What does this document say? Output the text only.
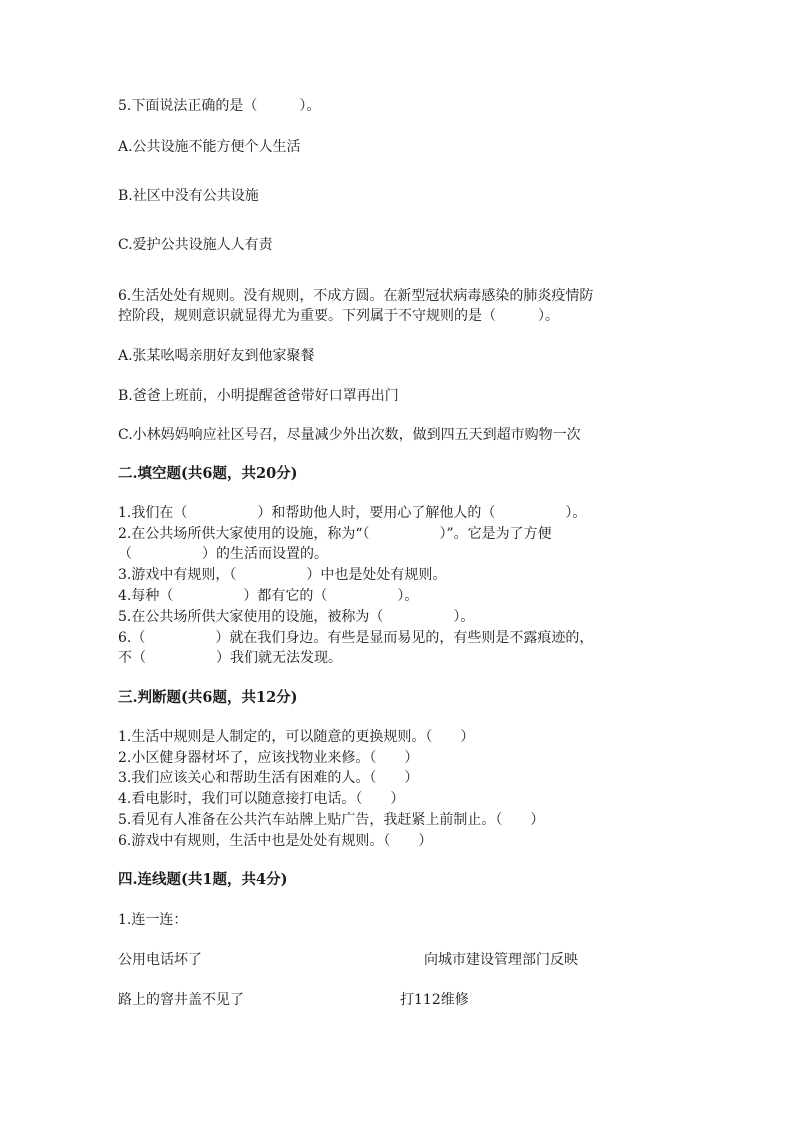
5.下面说法正确的是（　　　）。
A.公共设施不能方便个人生活
B.社区中没有公共设施
C.爱护公共设施人人有责
6.生活处处有规则。没有规则，不成方圆。在新型冠状病毒感染的肺炎疫情防
控阶段，规则意识就显得尤为重要。下列属于不守规则的是（　　　）。
A.张某吆喝亲朋好友到他家聚餐
B.爸爸上班前，小明提醒爸爸带好口罩再出门
C.小林妈妈响应社区号召，尽量减少外出次数，做到四五天到超市购物一次
二.填空题(共6题，共20分)
1.我们在（　　　　　）和帮助他人时，要用心了解他人的（　　　　　）。
2.在公共场所供大家使用的设施，称为“（　　　　　）”。它是为了方便
（　　　　　）的生活而设置的。
3.游戏中有规则，（　　　　　）中也是处处有规则。
4.每种（　　　　　）都有它的（　　　　　）。
5.在公共场所供大家使用的设施，被称为（　　　　　）。
6.（　　　　　）就在我们身边。有些是显而易见的，有些则是不露痕迹的，
不（　　　　　）我们就无法发现。
三.判断题(共6题，共12分)
1.生活中规则是人制定的，可以随意的更换规则。（　　）
2.小区健身器材坏了，应该找物业来修。（　　）
3.我们应该关心和帮助生活有困难的人。（　　）
4.看电影时，我们可以随意接打电话。（　　）
5.看见有人准备在公共汽车站牌上贴广告，我赶紧上前制止。（　　）
6.游戏中有规则，生活中也是处处有规则。（　　）
四.连线题(共1题，共4分)
1.连一连：
公用电话坏了	向城市建设管理部门反映
路上的窨井盖不见了	打112维修
